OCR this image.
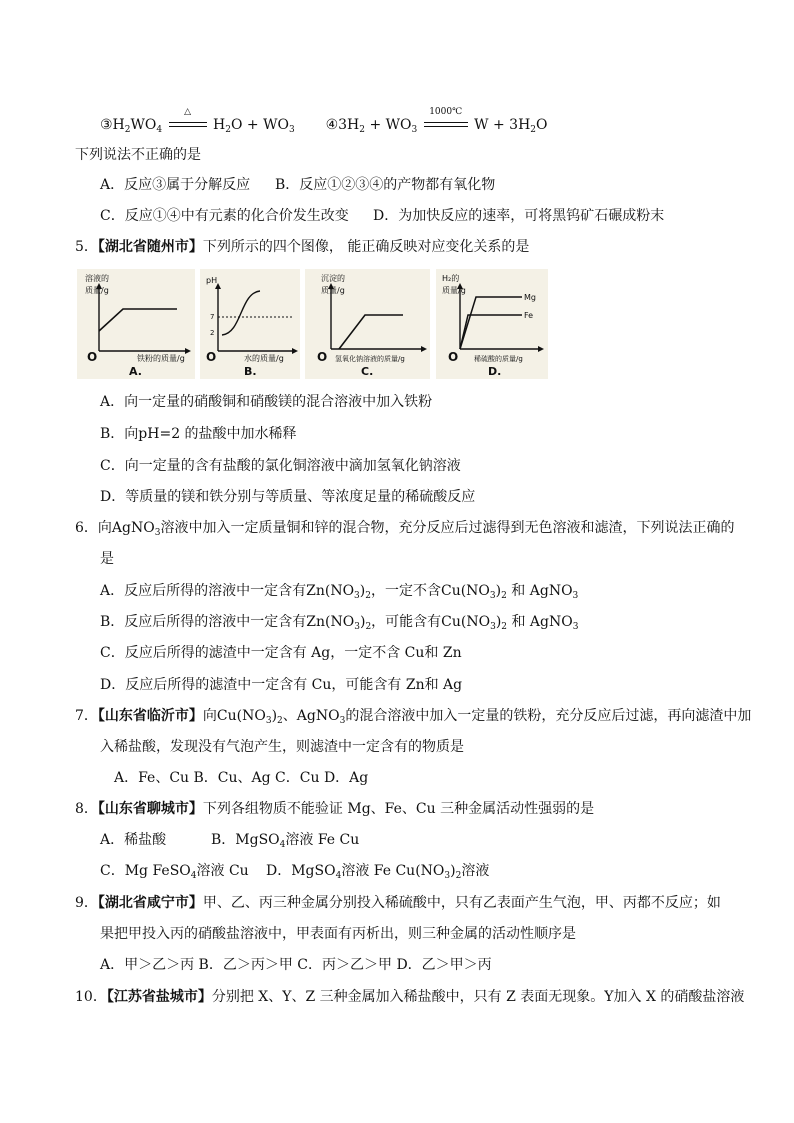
$③H_2WO_4$
△
$H_2O + WO_3$ $④3H_2 + WO_3$
1000℃
$W + 3H_2O$
下列说法不正确的是
A．反应③属于分解反应 B．反应①②③④的产物都有氧化物
C．反应①④中有元素的化合价发生改变 D．为加快反应的速率，可将黑钨矿石碾成粉末
5．【湖北省随州市】下列所示的四个图像， 能正确反映对应变化关系的是
溶液的
质量/g
O	铁粉的质量/g
A.
pH
7
2
O	水的质量/g
B.
沉淀的
质量/g
O 氢氧化钠溶液的质量/g
C.
H₂的
质量/g
Mg
Fe
O 稀硫酸的质量/g
D.
A．向一定量的硝酸铜和硝酸镁的混合溶液中加入铁粉
B．向pH=2 的盐酸中加水稀释
C．向一定量的含有盐酸的氯化铜溶液中滴加氢氧化钠溶液
D．等质量的镁和铁分别与等质量、等浓度足量的稀硫酸反应
6．向AgNO$_3$溶液中加入一定质量铜和锌的混合物，充分反应后过滤得到无色溶液和滤渣，下列说法正确的
是
A．反应后所得的溶液中一定含有$Zn(NO_3)_2$，一定不含$Cu(NO_3)_2$ 和 AgNO$_3$
B．反应后所得的溶液中一定含有$Zn(NO_3)_2$，可能含有$Cu(NO_3)_2$ 和 AgNO$_3$
C．反应后所得的滤渣中一定含有 Ag，一定不含 Cu和 Zn
D．反应后所得的滤渣中一定含有 Cu，可能含有 Zn和 Ag
7．【山东省临沂市】向$Cu(NO_3)_2$、AgNO$_3$的混合溶液中加入一定量的铁粉，充分反应后过滤，再向滤渣中加
入稀盐酸，发现没有气泡产生，则滤渣中一定含有的物质是
A．Fe、Cu B．Cu、Ag C．Cu D．Ag
8．【山东省聊城市】下列各组物质不能验证 Mg、Fe、Cu 三种金属活动性强弱的是
A．稀盐酸	B．MgSO$_4$溶液 Fe Cu
C．Mg FeSO$_4$溶液 Cu D．MgSO$_4$溶液 Fe $Cu(NO_3)_2$溶液
9．【湖北省咸宁市】甲、乙、丙三种金属分别投入稀硫酸中，只有乙表面产生气泡，甲、丙都不反应；如
果把甲投入丙的硝酸盐溶液中，甲表面有丙析出，则三种金属的活动性顺序是
A．甲＞乙＞丙 B．乙＞丙＞甲 C．丙＞乙＞甲 D．乙＞甲＞丙
10．【江苏省盐城市】分别把 X、Y、Z 三种金属加入稀盐酸中，只有 Z 表面无现象。Y加入 X 的硝酸盐溶液
